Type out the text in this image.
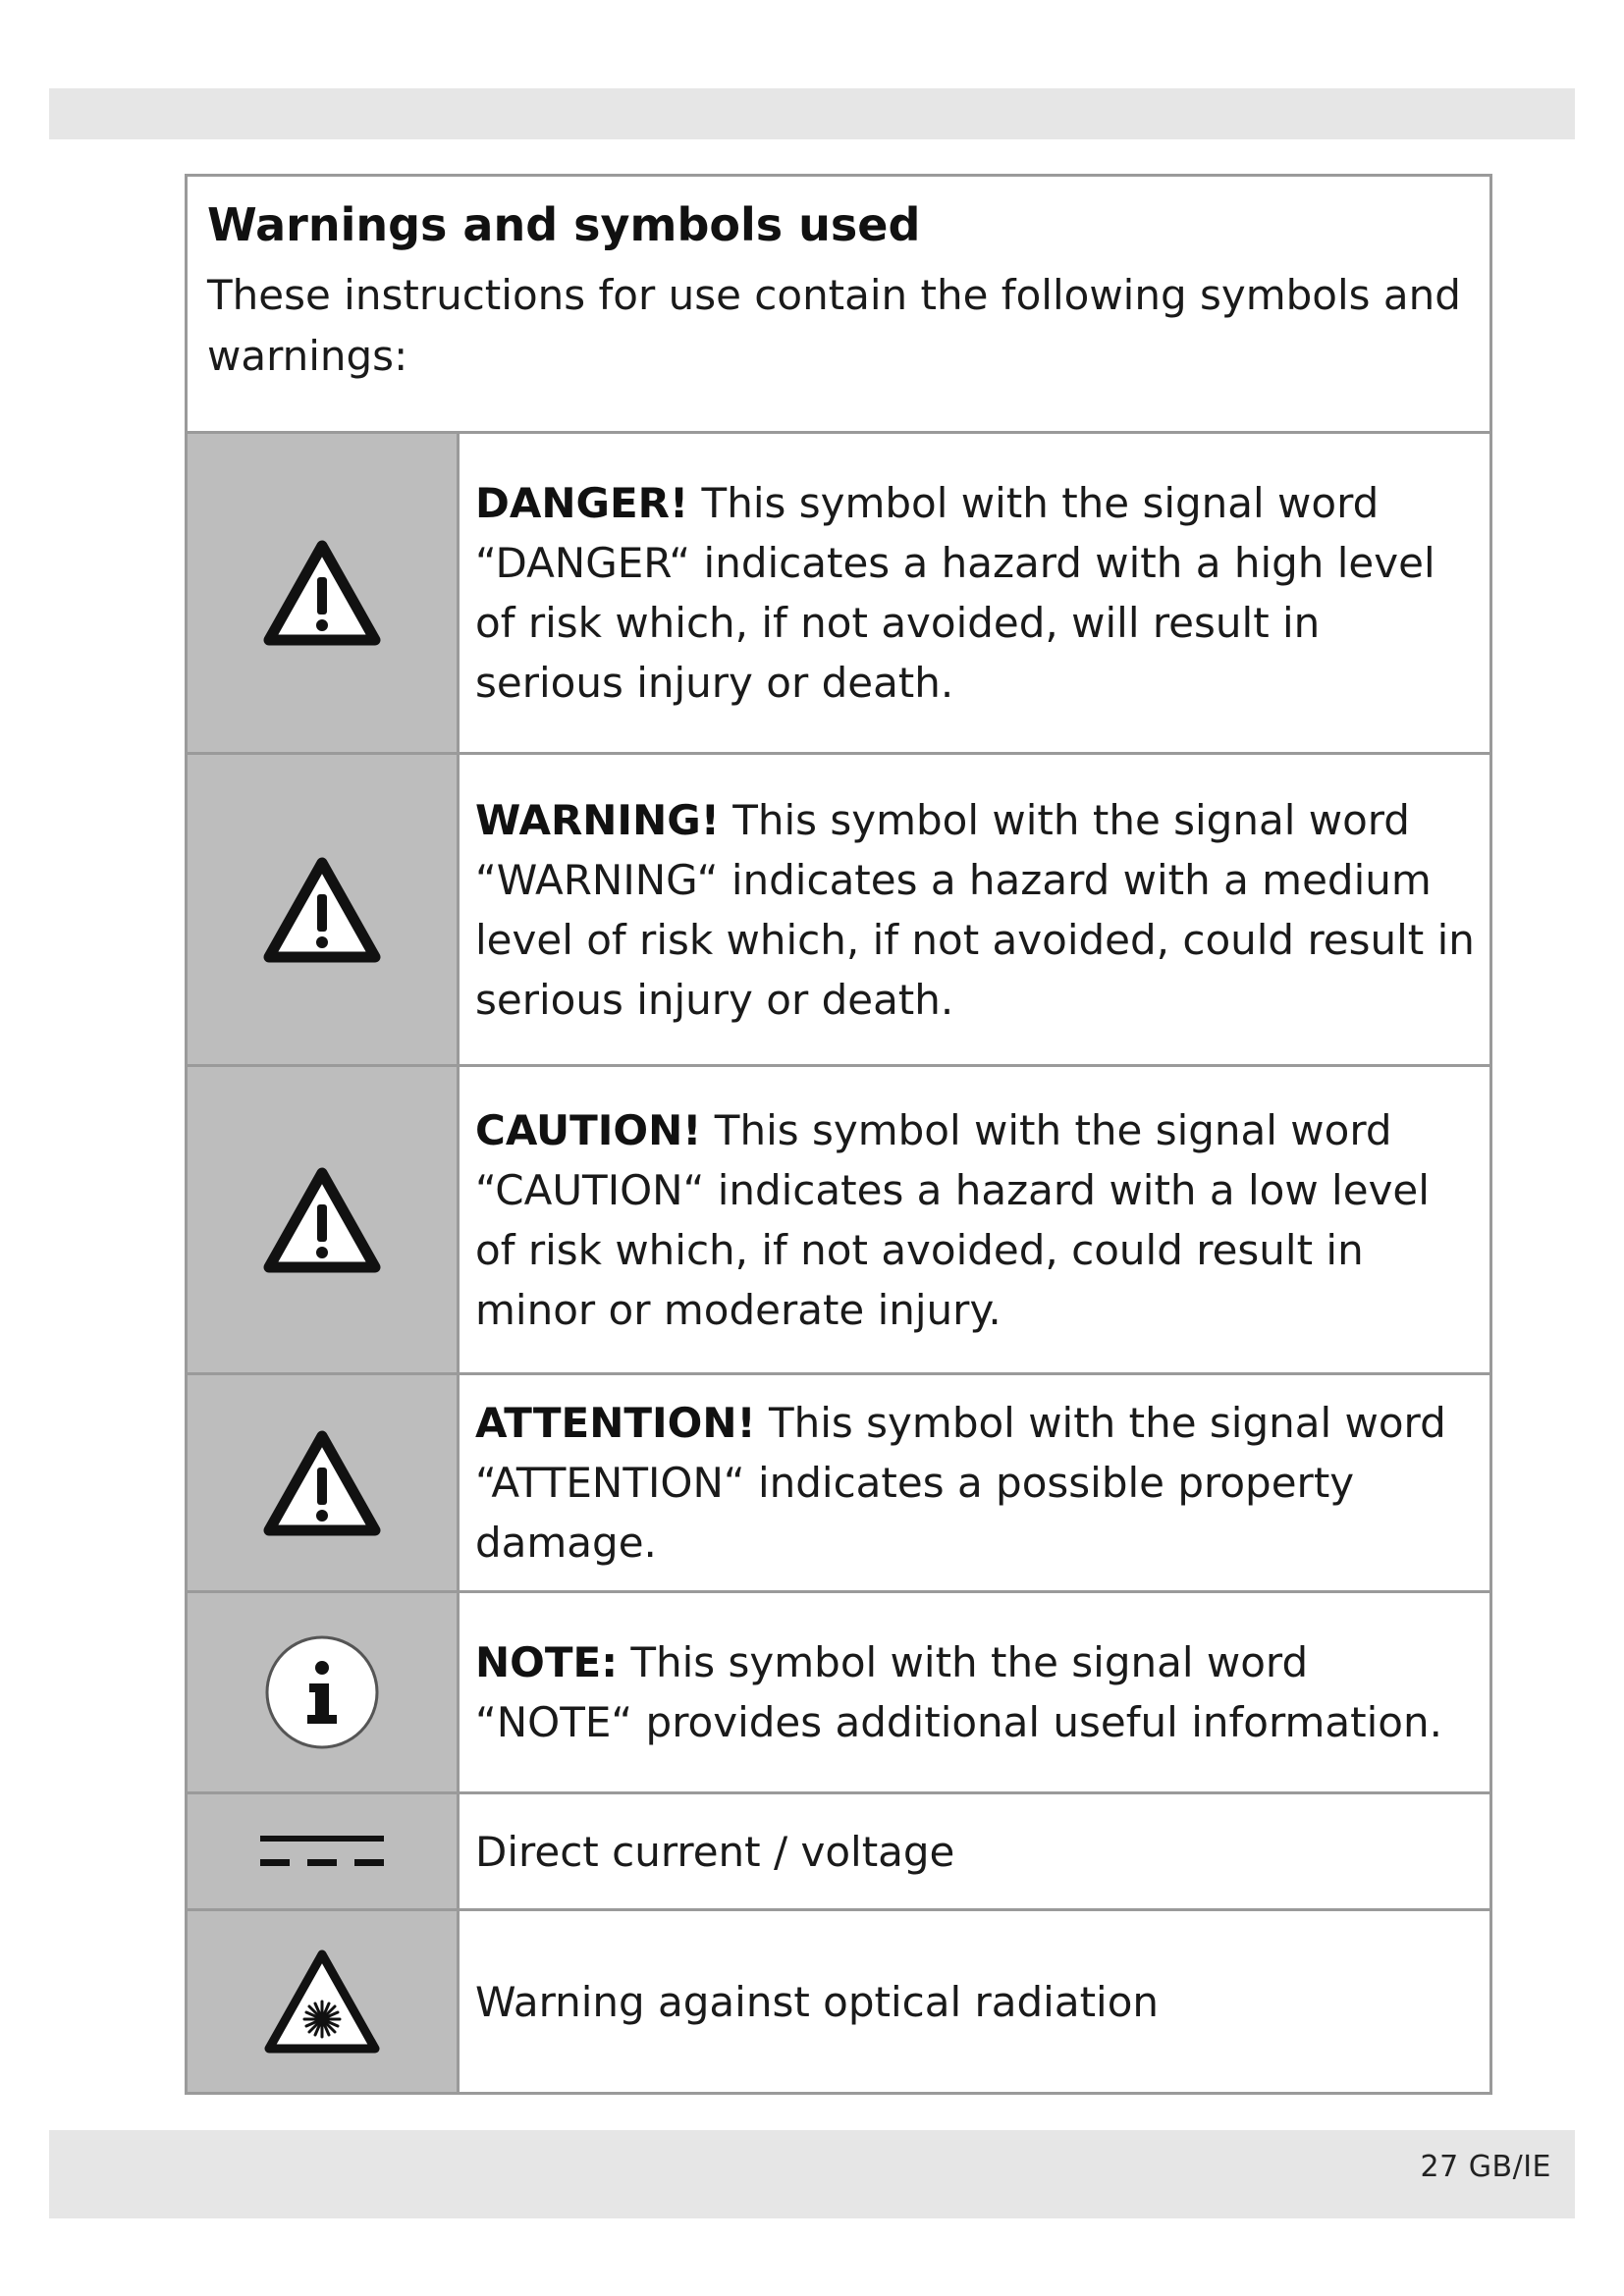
Warnings and symbols used

These instructions for use contain the following symbols and warnings:

DANGER! This symbol with the signal word “DANGER“ indicates a hazard with a high level of risk which, if not avoided, will result in serious injury or death.

WARNING! This symbol with the signal word “WARNING“ indicates a hazard with a medium level of risk which, if not avoided, could result in serious injury or death.

CAUTION! This symbol with the signal word “CAUTION“ indicates a hazard with a low level of risk which, if not avoided, could result in minor or moderate injury.

ATTENTION! This symbol with the signal word “ATTENTION“ indicates a possible property damage.

NOTE: This symbol with the signal word “NOTE“ provides additional useful information.

Direct current / voltage

Warning against optical radiation

27 GB/IE
